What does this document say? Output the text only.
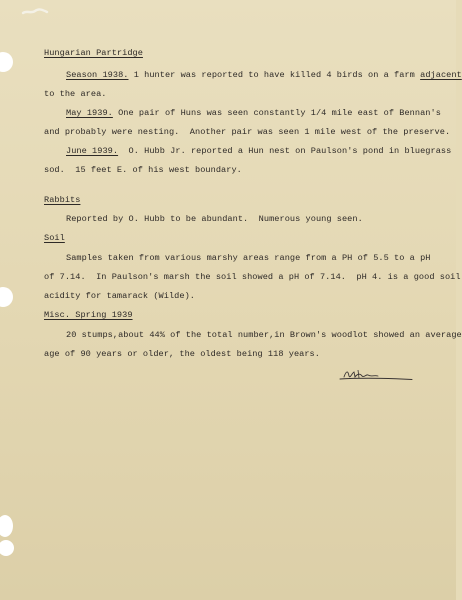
Hungarian Partridge
Season 1938. 1 hunter was reported to have killed 4 birds on a farm adjacent
to the area.
May 1939. One pair of Huns was seen constantly 1/4 mile east of Bennan's
and probably were nesting.  Another pair was seen 1 mile west of the preserve.
June 1939.  O. Hubb Jr. reported a Hun nest on Paulson's pond in bluegrass
sod.  15 feet E. of his west boundary.
Rabbits
Reported by O. Hubb to be abundant.  Numerous young seen.
Soil
Samples taken from various marshy areas range from a PH of 5.5 to a pH
of 7.14.  In Paulson's marsh the soil showed a pH of 7.14.  pH 4. is a good soil
acidity for tamarack (Wilde).
Misc. Spring 1939
20 stumps,about 44% of the total number,in Brown's woodlot showed an average
age of 90 years or older, the oldest being 118 years.
